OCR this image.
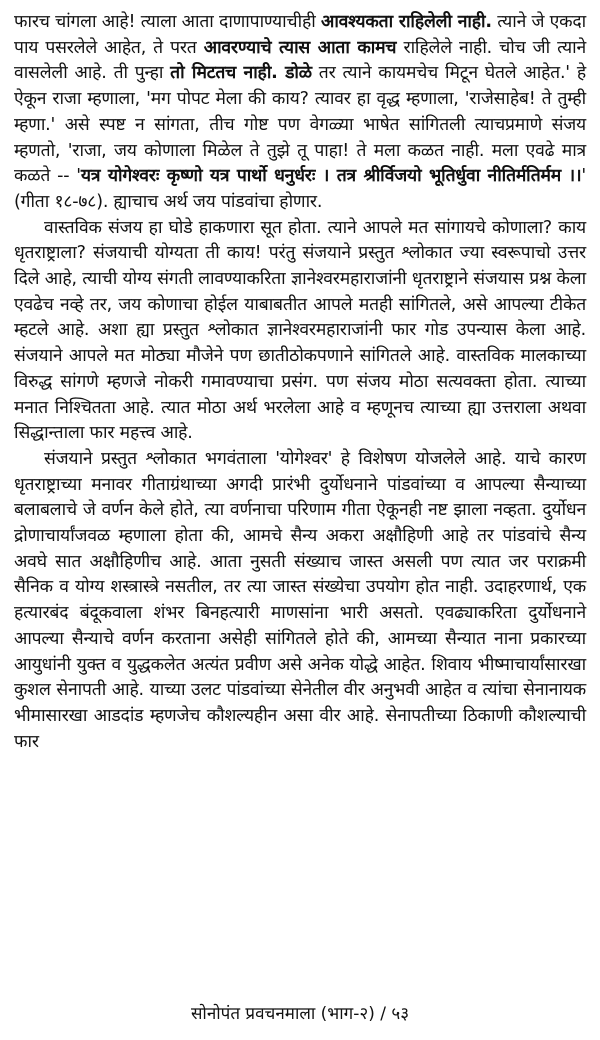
फारच चांगला आहे! त्याला आता दाणापाण्याचीही आवश्यकता राहिलेली नाही. त्याने जे एकदा पाय पसरलेले आहेत, ते परत आवरण्याचे त्यास आता कामच राहिलेले नाही. चोच जी त्याने वासलेली आहे. ती पुन्हा तो मिटतच नाही. डोळे तर त्याने कायमचेच मिटून घेतले आहेत.' हे ऐकून राजा म्हणाला, 'मग पोपट मेला की काय? त्यावर हा वृद्ध म्हणाला, 'राजेसाहेब! ते तुम्ही म्हणा.' असे स्पष्ट न सांगता, तीच गोष्ट पण वेगळ्या भाषेत सांगितली त्याचप्रमाणे संजय म्हणतो, 'राजा, जय कोणाला मिळेल ते तुझे तू पाहा! ते मला कळत नाही. मला एवढे मात्र कळते -- 'यत्र योगेश्वरः कृष्णो यत्र पार्थो धनुर्धरः । तत्र श्रीर्विजयो भूतिर्धुवा नीतिर्मतिर्मम ।।' (गीता १८-७८). ह्याचाच अर्थ जय पांडवांचा होणार.

वास्तविक संजय हा घोडे हाकणारा सूत होता. त्याने आपले मत सांगायचे कोणाला? काय धृतराष्ट्राला? संजयाची योग्यता ती काय! परंतु संजयाने प्रस्तुत श्लोकात ज्या स्वरूपाचो उत्तर दिले आहे, त्याची योग्य संगती लावण्याकरिता ज्ञानेश्वरमहाराजांनी धृतराष्ट्राने संजयास प्रश्न केला एवढेच नव्हे तर, जय कोणाचा होईल याबाबतीत आपले मतही सांगितले, असे आपल्या टीकेत म्हटले आहे. अशा ह्या प्रस्तुत श्लोकात ज्ञानेश्वरमहाराजांनी फार गोड उपन्यास केला आहे. संजयाने आपले मत मोठ्या मौजेने पण छातीठोकपणाने सांगितले आहे. वास्तविक मालकाच्या विरुद्ध सांगणे म्हणजे नोकरी गमावण्याचा प्रसंग. पण संजय मोठा सत्यवक्ता होता. त्याच्या मनात निश्चितता आहे. त्यात मोठा अर्थ भरलेला आहे व म्हणूनच त्याच्या ह्या उत्तराला अथवा सिद्धान्ताला फार महत्त्व आहे.

संजयाने प्रस्तुत श्लोकात भगवंताला 'योगेश्वर' हे विशेषण योजलेले आहे. याचे कारण धृतराष्ट्राच्या मनावर गीताग्रंथाच्या अगदी प्रारंभी दुर्योधनाने पांडवांच्या व आपल्या सैन्याच्या बलाबलाचे जे वर्णन केले होते, त्या वर्णनाचा परिणाम गीता ऐकूनही नष्ट झाला नव्हता. दुर्योधन द्रोणाचार्यांजवळ म्हणाला होता की, आमचे सैन्य अकरा अक्षौहिणी आहे तर पांडवांचे सैन्य अवघे सात अक्षौहिणीच आहे. आता नुसती संख्याच जास्त असली पण त्यात जर पराक्रमी सैनिक व योग्य शस्त्रास्त्रे नसतील, तर त्या जास्त संख्येचा उपयोग होत नाही. उदाहरणार्थ, एक हत्यारबंद बंदूकवाला शंभर बिनहत्यारी माणसांना भारी असतो. एवढ्याकरिता दुर्योधनाने आपल्या सैन्याचे वर्णन करताना असेही सांगितले होते की, आमच्या सैन्यात नाना प्रकारच्या आयुधांनी युक्त व युद्धकलेत अत्यंत प्रवीण असे अनेक योद्धे आहेत. शिवाय भीष्माचार्यांसारखा कुशल सेनापती आहे. याच्या उलट पांडवांच्या सेनेतील वीर अनुभवी आहेत व त्यांचा सेनानायक भीमासारखा आडदांड म्हणजेच कौशल्यहीन असा वीर आहे. सेनापतीच्या ठिकाणी कौशल्याची फार

सोनोपंत प्रवचनमाला (भाग-२) / ५३
